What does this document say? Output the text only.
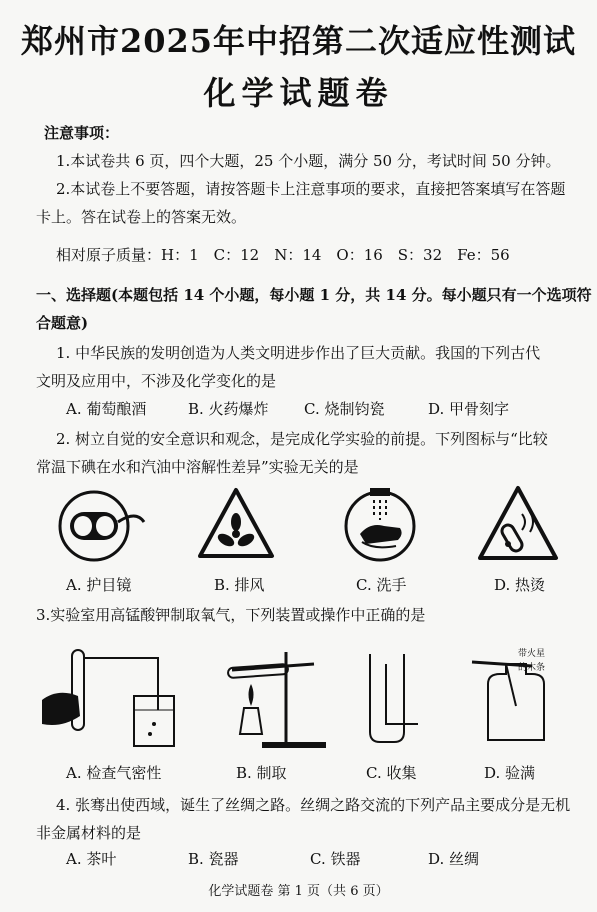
郑州市2025年中招第二次适应性测试
化学试题卷
注意事项：
1.本试卷共 6 页，四个大题，25 个小题，满分 50 分，考试时间 50 分钟。
2.本试卷上不要答题，请按答题卡上注意事项的要求，直接把答案填写在答题
卡上。答在试卷上的答案无效。
相对原子质量：H：1　C：12　N：14　O：16　S：32　Fe：56
一、选择题(本题包括 14 个小题，每小题 1 分，共 14 分。每小题只有一个选项符
合题意)
1. 中华民族的发明创造为人类文明进步作出了巨大贡献。我国的下列古代
文明及应用中，不涉及化学变化的是
A. 葡萄酿酒	B. 火药爆炸 C. 烧制钧瓷	D. 甲骨刻字
2. 树立自觉的安全意识和观念，是完成化学实验的前提。下列图标与“比较
常温下碘在水和汽油中溶解性差异”实验无关的是
A. 护目镜	B. 排风	C. 洗手	D. 热烫
3.实验室用高锰酸钾制取氧气，下列装置或操作中正确的是
带火星
的木条
A. 检查气密性	B. 制取	C. 收集	D. 验满
4. 张骞出使西域，诞生了丝绸之路。丝绸之路交流的下列产品主要成分是无机
非金属材料的是
A. 茶叶	B. 瓷器	C. 铁器	D. 丝绸
化学试题卷 第 1 页（共 6 页）
